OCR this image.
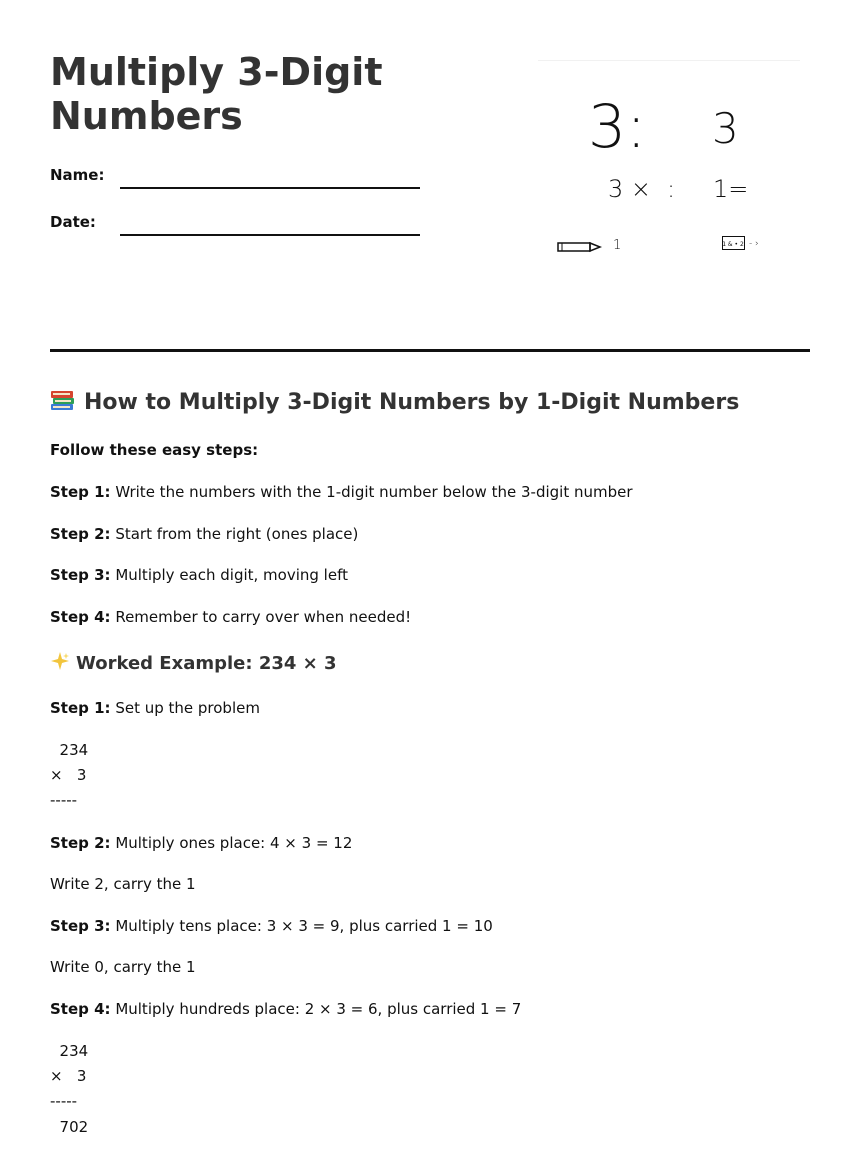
Multiply 3-Digit Numbers
Name:
Date:
3: 3
3 × : 1=
1	1 & • 2 - ›
How to Multiply 3-Digit Numbers by 1-Digit Numbers
Follow these easy steps:
Step 1: Write the numbers with the 1-digit number below the 3-digit number
Step 2: Start from the right (ones place)
Step 3: Multiply each digit, moving left
Step 4: Remember to carry over when needed!
Worked Example: 234 × 3
Step 1: Set up the problem
234
×   3
-----
Step 2: Multiply ones place: 4 × 3 = 12
Write 2, carry the 1
Step 3: Multiply tens place: 3 × 3 = 9, plus carried 1 = 10
Write 0, carry the 1
Step 4: Multiply hundreds place: 2 × 3 = 6, plus carried 1 = 7
234
×   3
-----
702
